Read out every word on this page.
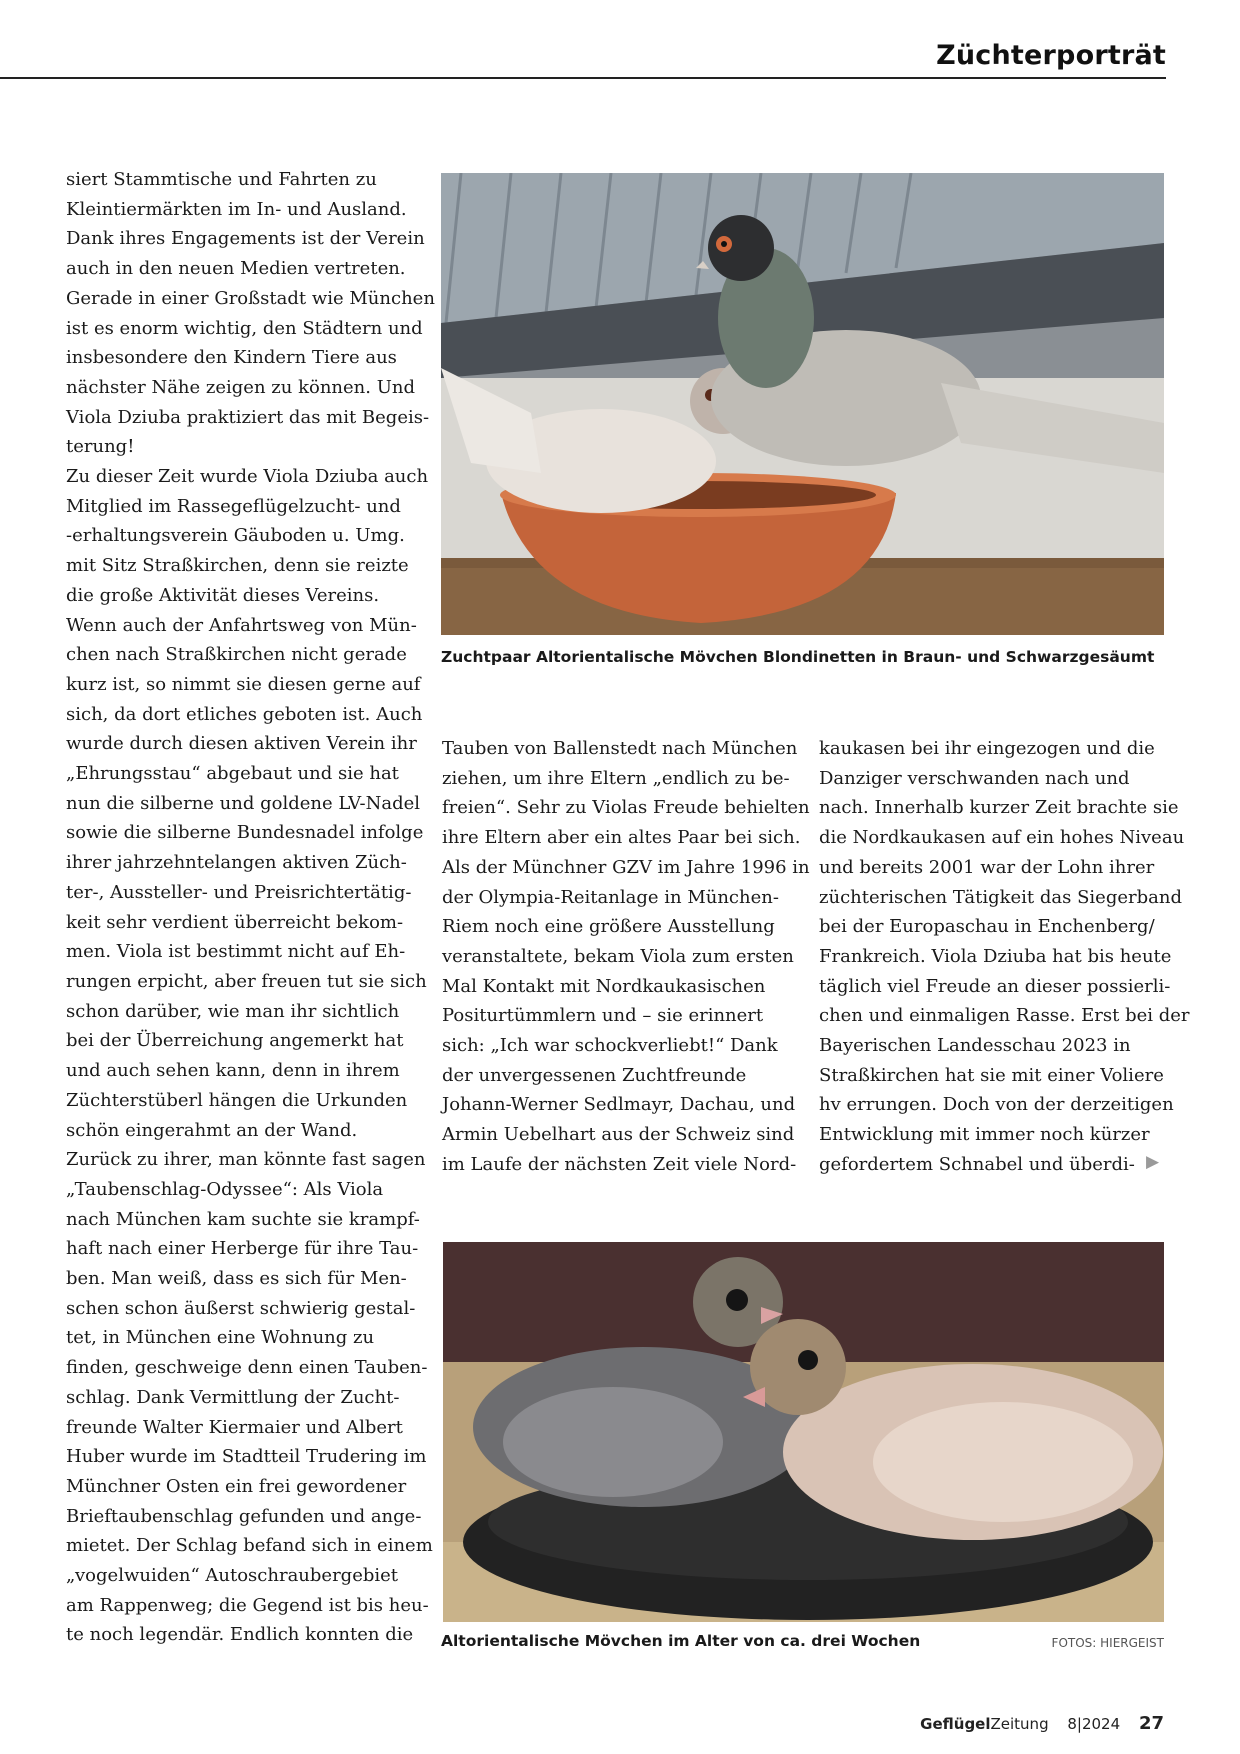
Züchterporträt
siert Stammtische und Fahrten zu
Kleintiermärkten im In- und Ausland.
Dank ihres Engagements ist der Verein
auch in den neuen Medien vertreten.
Gerade in einer Großstadt wie München
ist es enorm wichtig, den Städtern und
insbesondere den Kindern Tiere aus
nächster Nähe zeigen zu können. Und
Viola Dziuba praktiziert das mit Begeis-
terung!
Zu dieser Zeit wurde Viola Dziuba auch
Mitglied im Rassegeflügelzucht- und
-erhaltungsverein Gäuboden u. Umg.
mit Sitz Straßkirchen, denn sie reizte
die große Aktivität dieses Vereins.
Wenn auch der Anfahrtsweg von Mün-
chen nach Straßkirchen nicht gerade
kurz ist, so nimmt sie diesen gerne auf
sich, da dort etliches geboten ist. Auch
wurde durch diesen aktiven Verein ihr
„Ehrungsstau“ abgebaut und sie hat
nun die silberne und goldene LV-Nadel
sowie die silberne Bundesnadel infolge
ihrer jahrzehntelangen aktiven Züch-
ter-, Aussteller- und Preisrichtertätig-
keit sehr verdient überreicht bekom-
men. Viola ist bestimmt nicht auf Eh-
rungen erpicht, aber freuen tut sie sich
schon darüber, wie man ihr sichtlich
bei der Überreichung angemerkt hat
und auch sehen kann, denn in ihrem
Züchterstüberl hängen die Urkunden
schön eingerahmt an der Wand.
Zurück zu ihrer, man könnte fast sagen
„Taubenschlag-Odyssee“: Als Viola
nach München kam suchte sie krampf-
haft nach einer Herberge für ihre Tau-
ben. Man weiß, dass es sich für Men-
schen schon äußerst schwierig gestal-
tet, in München eine Wohnung zu
finden, geschweige denn einen Tauben-
schlag. Dank Vermittlung der Zucht-
freunde Walter Kiermaier und Albert
Huber wurde im Stadtteil Trudering im
Münchner Osten ein frei gewordener
Brieftaubenschlag gefunden und ange-
mietet. Der Schlag befand sich in einem
„vogelwuiden“ Autoschraubergebiet
am Rappenweg; die Gegend ist bis heu-
te noch legendär. Endlich konnten die
Zuchtpaar Altorientalische Mövchen Blondinetten in Braun- und Schwarzgesäumt
Tauben von Ballenstedt nach München
ziehen, um ihre Eltern „endlich zu be-
freien“. Sehr zu Violas Freude behielten
ihre Eltern aber ein altes Paar bei sich.
Als der Münchner GZV im Jahre 1996 in
der Olympia-Reitanlage in München-
Riem noch eine größere Ausstellung
veranstaltete, bekam Viola zum ersten
Mal Kontakt mit Nordkaukasischen
Positurtümmlern und – sie erinnert
sich: „Ich war schockverliebt!“ Dank
der unvergessenen Zuchtfreunde
Johann-Werner Sedlmayr, Dachau, und
Armin Uebelhart aus der Schweiz sind
im Laufe der nächsten Zeit viele Nord-
kaukasen bei ihr eingezogen und die
Danziger verschwanden nach und
nach. Innerhalb kurzer Zeit brachte sie
die Nordkaukasen auf ein hohes Niveau
und bereits 2001 war der Lohn ihrer
züchterischen Tätigkeit das Siegerband
bei der Europaschau in Enchenberg/
Frankreich. Viola Dziuba hat bis heute
täglich viel Freude an dieser possierli-
chen und einmaligen Rasse. Erst bei der
Bayerischen Landesschau 2023 in
Straßkirchen hat sie mit einer Voliere
hv errungen. Doch von der derzeitigen
Entwicklung mit immer noch kürzer
gefordertem Schnabel und überdi- ▶
Altorientalische Mövchen im Alter von ca. drei Wochen	FOTOS: HIERGEIST
GeflügelZeitung 8|2024 27
